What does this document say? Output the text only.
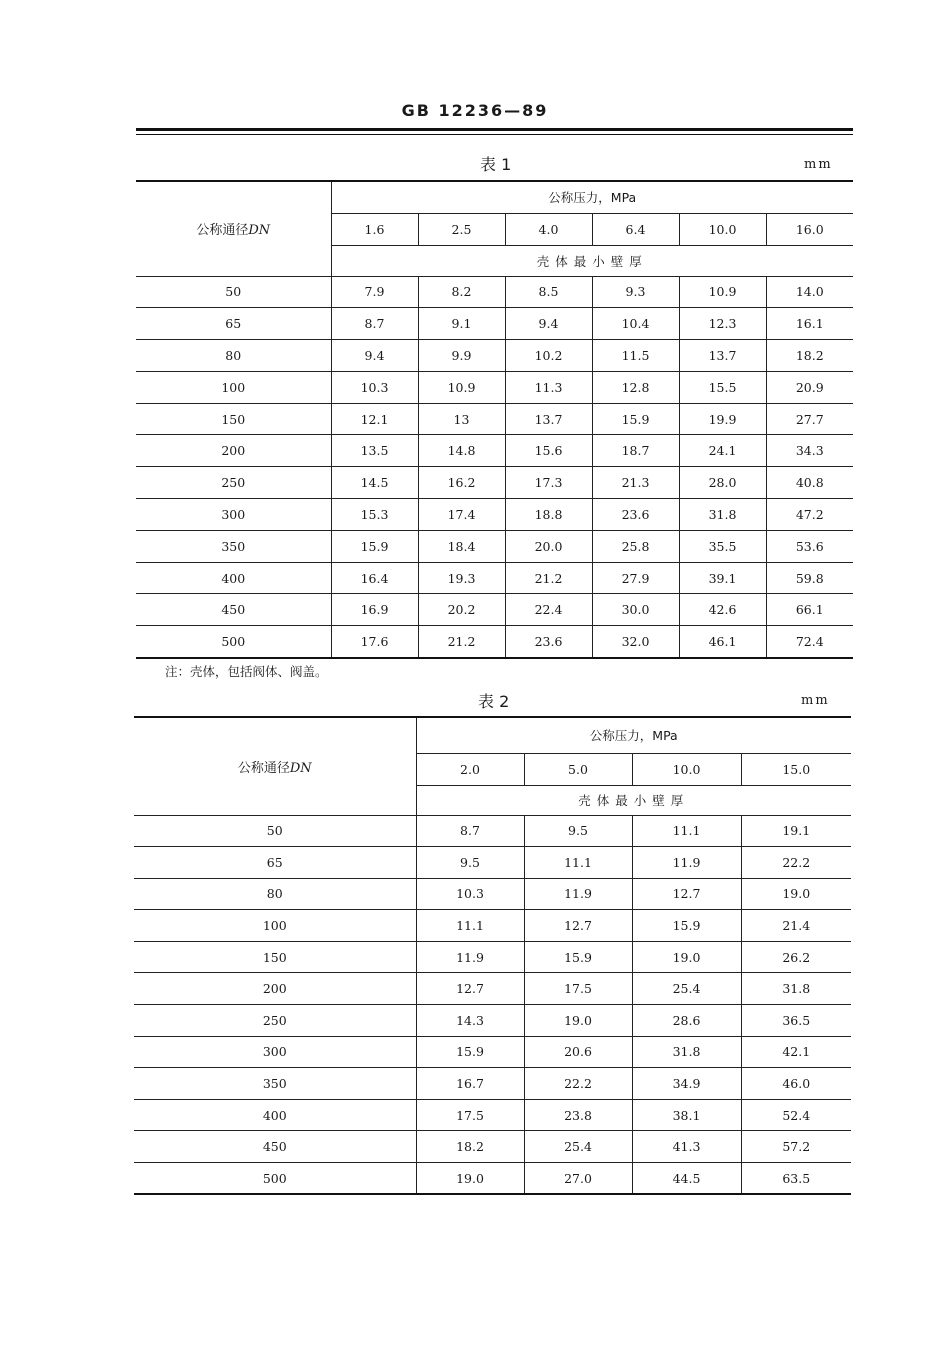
GB 12236—89
表 1	mm
公称通径DN	公称压力，MPa					
	1.6	2.5	4.0	6.4	10.0	16.0
	壳体最小壁厚					
50	7.9	8.2	8.5	9.3	10.9	14.0
65	8.7	9.1	9.4	10.4	12.3	16.1
80	9.4	9.9	10.2	11.5	13.7	18.2
100	10.3	10.9	11.3	12.8	15.5	20.9
150	12.1	13	13.7	15.9	19.9	27.7
200	13.5	14.8	15.6	18.7	24.1	34.3
250	14.5	16.2	17.3	21.3	28.0	40.8
300	15.3	17.4	18.8	23.6	31.8	47.2
350	15.9	18.4	20.0	25.8	35.5	53.6
400	16.4	19.3	21.2	27.9	39.1	59.8
450	16.9	20.2	22.4	30.0	42.6	66.1
500	17.6	21.2	23.6	32.0	46.1	72.4
注：壳体，包括阀体、阀盖。
表 2	mm
公称通径DN	公称压力，MPa			
	2.0	5.0	10.0	15.0
	壳体最小壁厚			
50	8.7	9.5	11.1	19.1
65	9.5	11.1	11.9	22.2
80	10.3	11.9	12.7	19.0
100	11.1	12.7	15.9	21.4
150	11.9	15.9	19.0	26.2
200	12.7	17.5	25.4	31.8
250	14.3	19.0	28.6	36.5
300	15.9	20.6	31.8	42.1
350	16.7	22.2	34.9	46.0
400	17.5	23.8	38.1	52.4
450	18.2	25.4	41.3	57.2
500	19.0	27.0	44.5	63.5
